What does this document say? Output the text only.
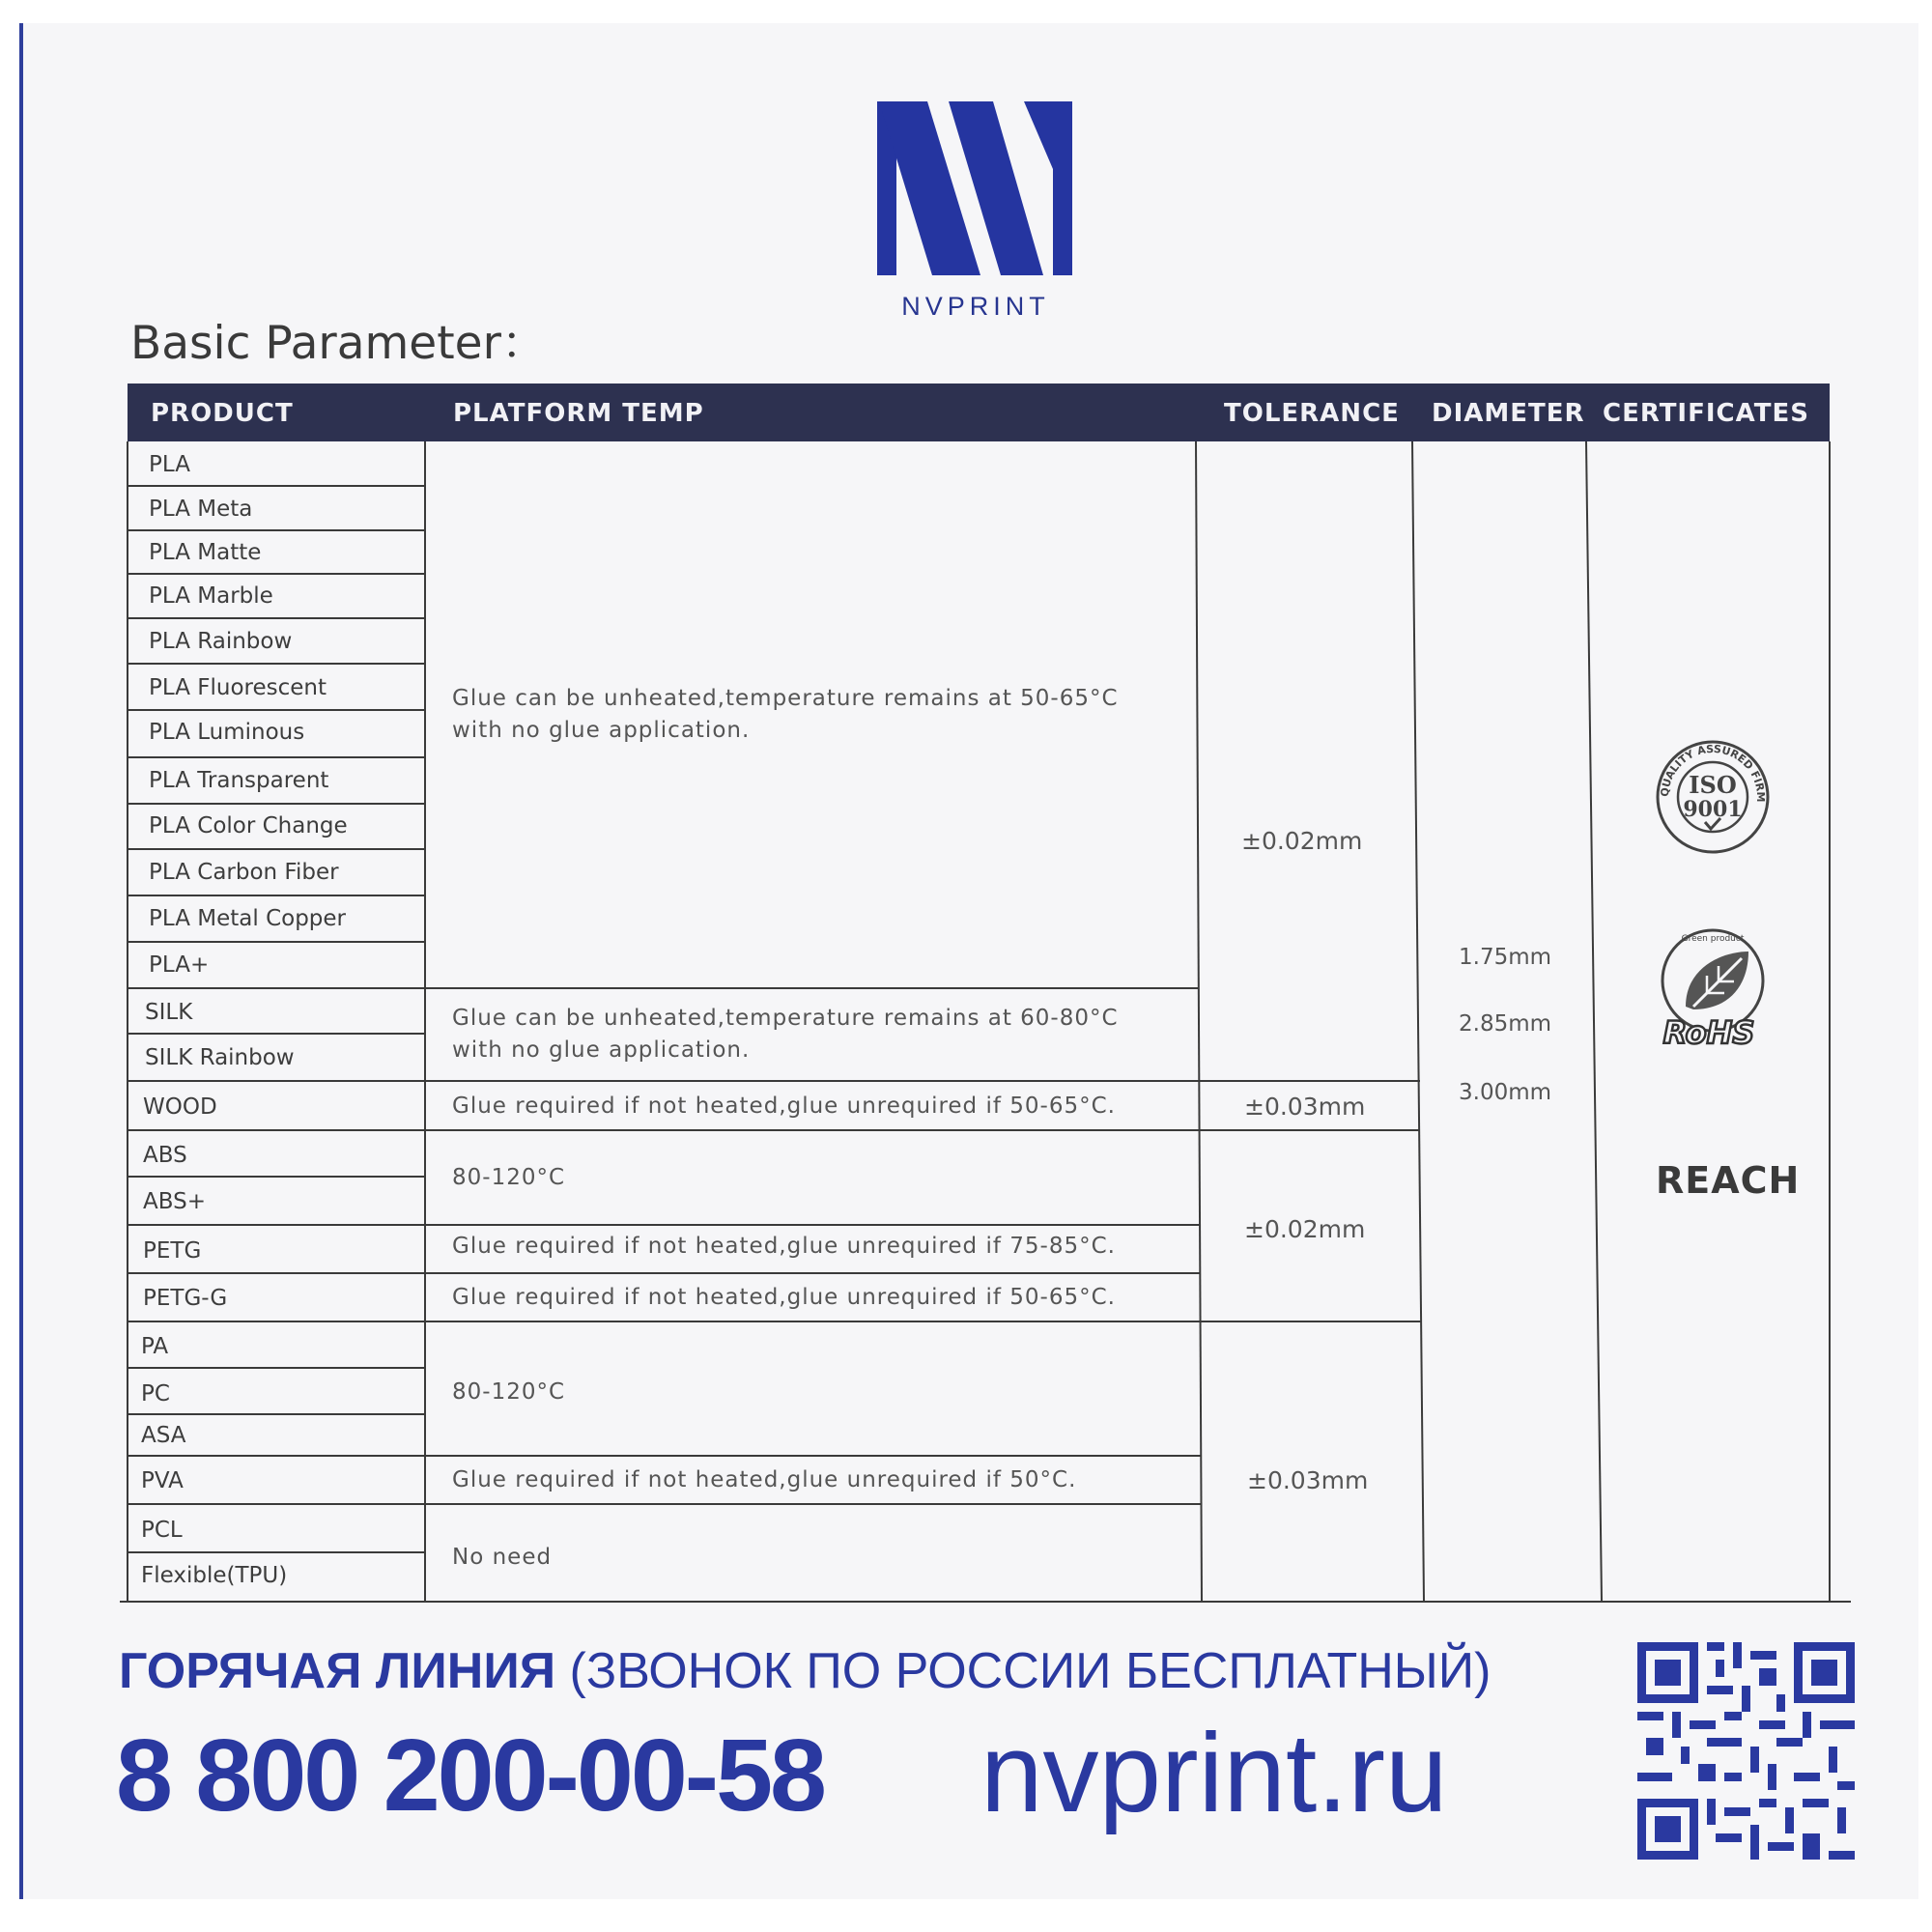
NVPRINT
Basic Parameter：
PRODUCT	PLATFORM TEMP	TOLERANCE DIAMETER CERTIFICATES
PLA
PLA Meta
PLA Matte
PLA Marble
PLA Rainbow
PLA Fluorescent
PLA Luminous
PLA Transparent
PLA Color Change
PLA Carbon Fiber
PLA Metal Copper
PLA+
SILK
SILK Rainbow
WOOD
ABS
ABS+
PETG
PETG-G
PA
PC
ASA
PVA
PCL
Flexible(TPU)
Glue can be unheated,temperature remains at 50-65°C
with no glue application.
Glue can be unheated,temperature remains at 60-80°C
with no glue application.
Glue required if not heated,glue unrequired if 50-65°C.
80-120°C
Glue required if not heated,glue unrequired if 75-85°C.
Glue required if not heated,glue unrequired if 50-65°C.
80-120°C
Glue required if not heated,glue unrequired if 50°C.
No need
±0.02mm
±0.03mm
±0.02mm
±0.03mm
1.75mm
2.85mm
3.00mm
QUALITY ASSURED FIRM
ISO
9001
Green product
RoHS
REACH
ГОРЯЧАЯ ЛИНИЯ (ЗВОНОК ПО РОССИИ БЕСПЛАТНЫЙ)
8 800 200-00-58 nvprint.ru
